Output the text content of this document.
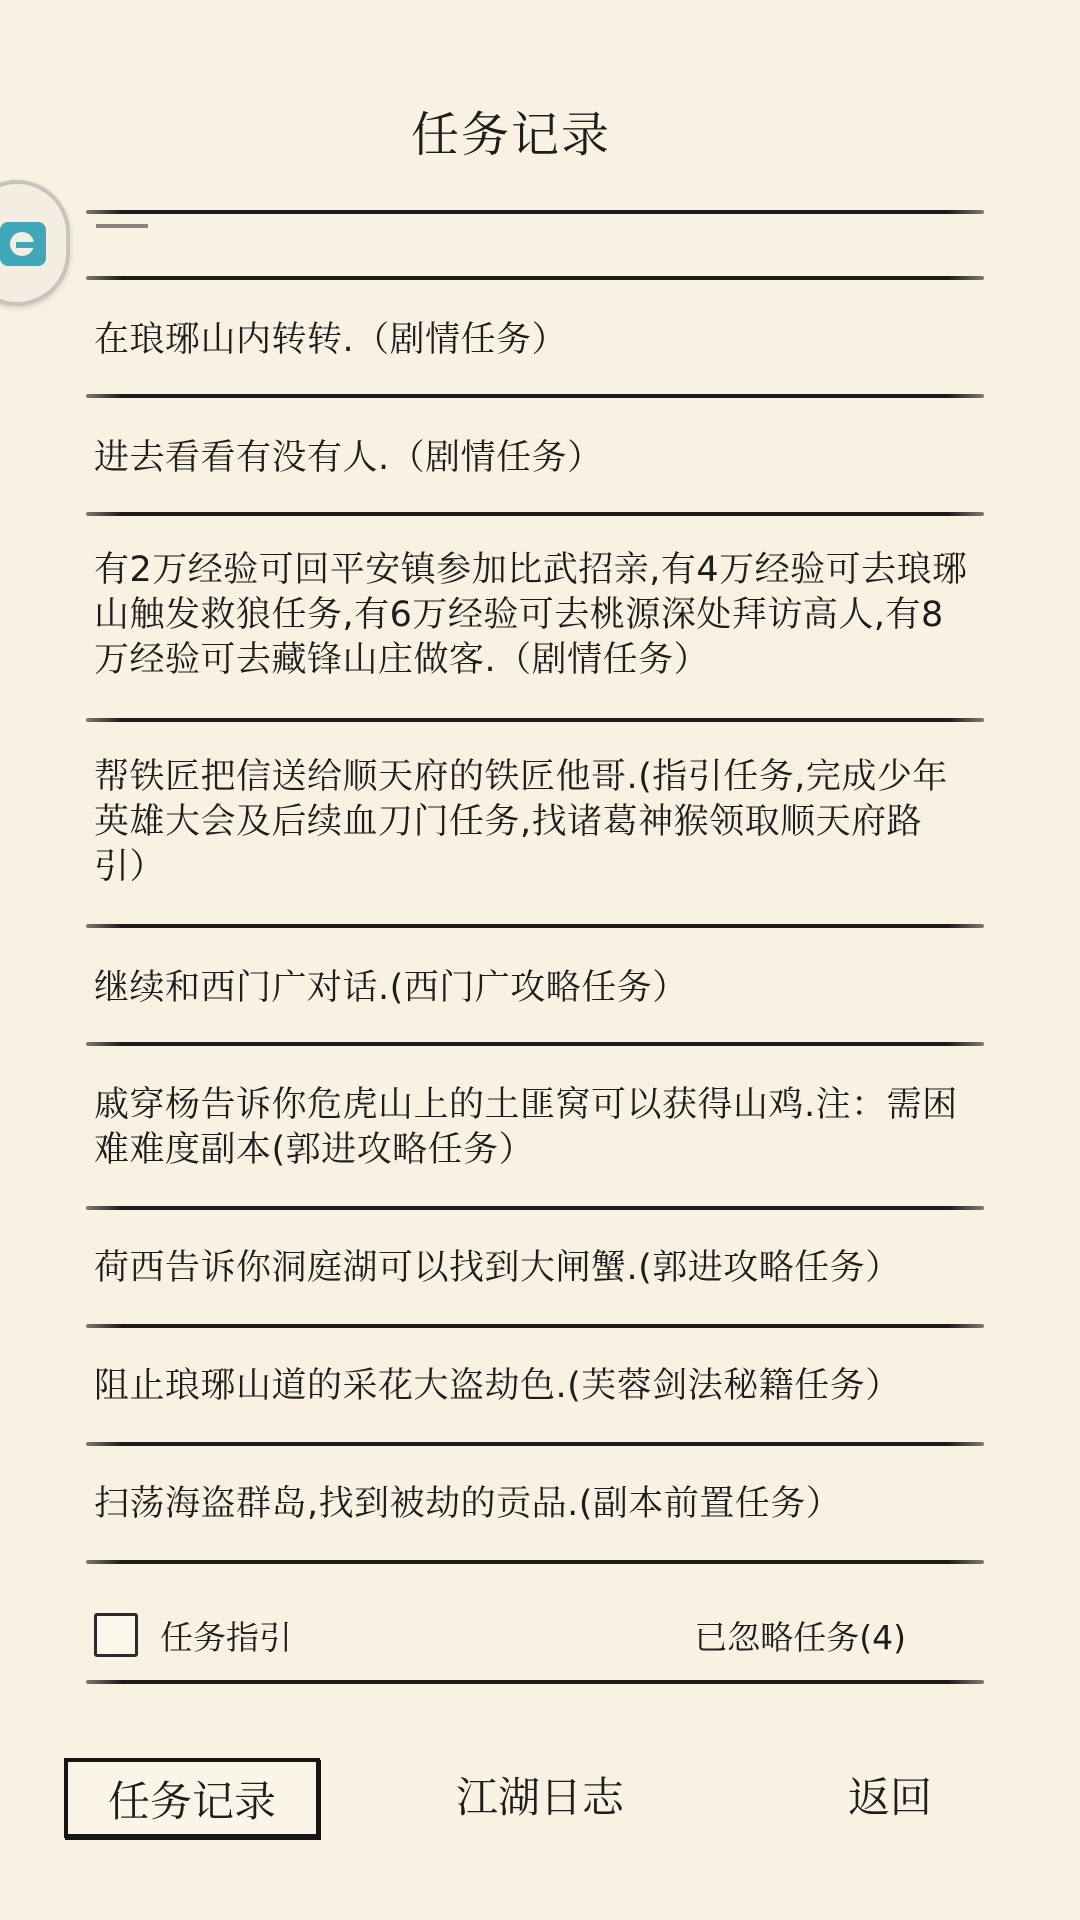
任务记录
在琅琊山内转转.（剧情任务）
进去看看有没有人.（剧情任务）
有2万经验可回平安镇参加比武招亲,有4万经验可去琅琊山触发救狼任务,有6万经验可去桃源深处拜访高人,有8万经验可去藏锋山庄做客.（剧情任务）
帮铁匠把信送给顺天府的铁匠他哥.(指引任务,完成少年英雄大会及后续血刀门任务,找诸葛神猴领取顺天府路引）
继续和西门广对话.(西门广攻略任务）
戚穿杨告诉你危虎山上的土匪窝可以获得山鸡.注：需困难难度副本(郭进攻略任务）
荷西告诉你洞庭湖可以找到大闸蟹.(郭进攻略任务）
阻止琅琊山道的采花大盗劫色.(芙蓉剑法秘籍任务）
扫荡海盗群岛,找到被劫的贡品.(副本前置任务）
任务指引	已忽略任务(4)
任务记录	江湖日志	返回
